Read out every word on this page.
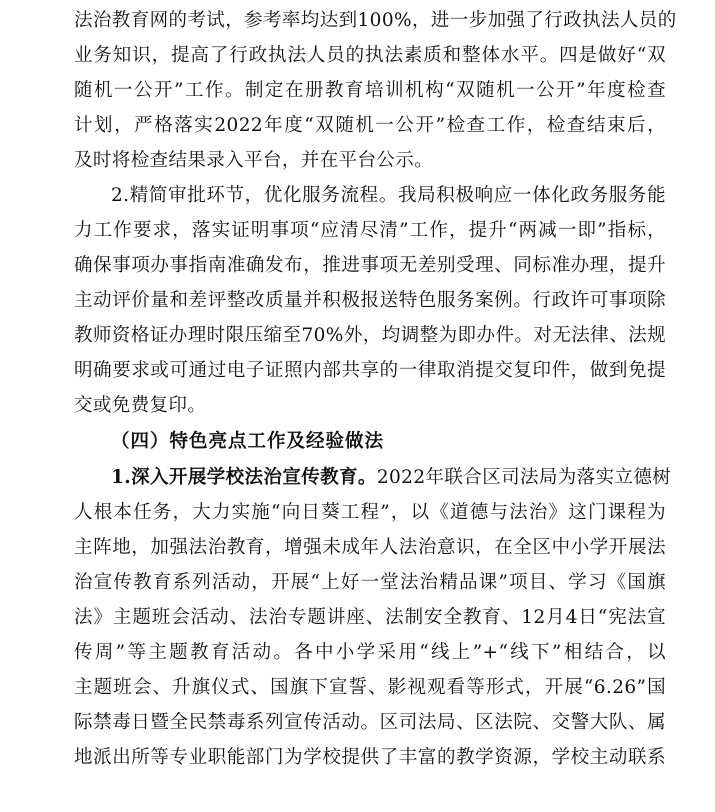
法治教育网的考试，参考率均达到100%，进一步加强了行政执法人员的
业务知识，提高了行政执法人员的执法素质和整体水平。四是做好“双
随机一公开”工作。制定在册教育培训机构“双随机一公开”年度检查
计划，严格落实2022年度“双随机一公开”检查工作，检查结束后，
及时将检查结果录入平台，并在平台公示。
2.精简审批环节，优化服务流程。我局积极响应一体化政务服务能
力工作要求，落实证明事项“应清尽清”工作，提升“两减一即”指标，
确保事项办事指南准确发布，推进事项无差别受理、同标准办理，提升
主动评价量和差评整改质量并积极报送特色服务案例。行政许可事项除
教师资格证办理时限压缩至70%外，均调整为即办件。对无法律、法规
明确要求或可通过电子证照内部共享的一律取消提交复印件，做到免提
交或免费复印。
（四）特色亮点工作及经验做法
1.深入开展学校法治宣传教育。2022年联合区司法局为落实立德树
人根本任务，大力实施“向日葵工程”，以《道德与法治》这门课程为
主阵地，加强法治教育，增强未成年人法治意识，在全区中小学开展法
治宣传教育系列活动，开展“上好一堂法治精品课”项目、学习《国旗
法》主题班会活动、法治专题讲座、法制安全教育、12月4日“宪法宣
传周”等主题教育活动。各中小学采用“线上”+“线下”相结合，以
主题班会、升旗仪式、国旗下宣誓、影视观看等形式，开展“6.26”国
际禁毒日暨全民禁毒系列宣传活动。区司法局、区法院、交警大队、属
地派出所等专业职能部门为学校提供了丰富的教学资源，学校主动联系
